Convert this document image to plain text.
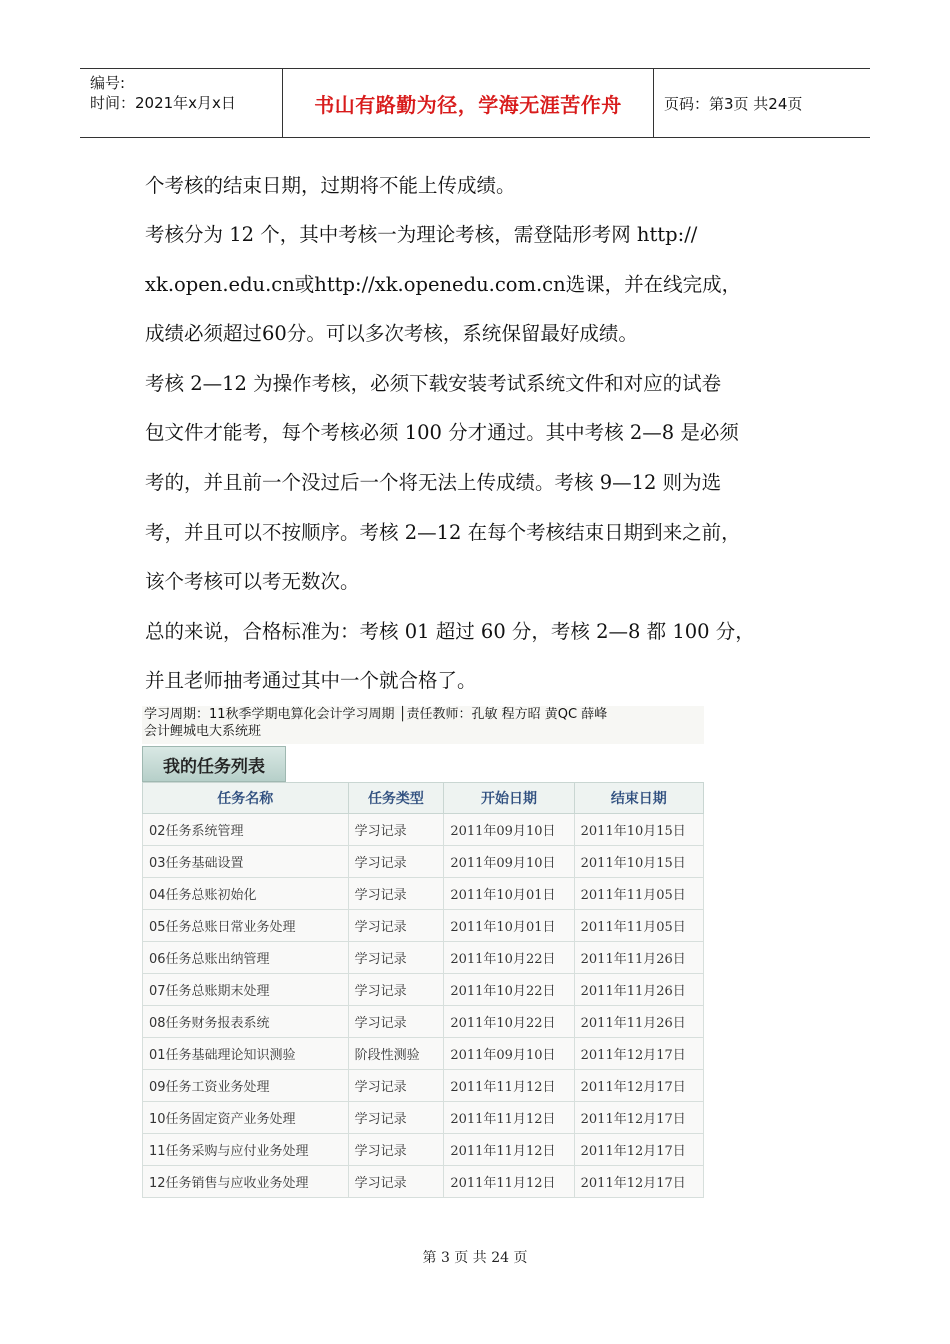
编号:
时间：2021年x月x日	书山有路勤为径，学海无涯苦作舟	页码：第3页 共24页
个考核的结束日期，过期将不能上传成绩。
考核分为 12 个，其中考核一为理论考核，需登陆形考网 http://
xk.open.edu.cn或http://xk.openedu.com.cn选课，并在线完成，
成绩必须超过60分。可以多次考核，系统保留最好成绩。
考核 2—12 为操作考核，必须下载安装考试系统文件和对应的试卷
包文件才能考，每个考核必须 100 分才通过。其中考核 2—8 是必须
考的，并且前一个没过后一个将无法上传成绩。考核 9—12 则为选
考，并且可以不按顺序。考核 2—12 在每个考核结束日期到来之前，
该个考核可以考无数次。
总的来说，合格标准为：考核 01 超过 60 分，考核 2—8 都 100 分，
并且老师抽考通过其中一个就合格了。
学习周期：11秋季学期电算化会计学习周期 │责任教师：孔敏 程方昭 黄QC 薛峰
会计鲤城电大系统班
我的任务列表
任务名称	任务类型	开始日期	结束日期
02任务系统管理	学习记录	2011年09月10日	2011年10月15日
03任务基础设置	学习记录	2011年09月10日	2011年10月15日
04任务总账初始化	学习记录	2011年10月01日	2011年11月05日
05任务总账日常业务处理	学习记录	2011年10月01日	2011年11月05日
06任务总账出纳管理	学习记录	2011年10月22日	2011年11月26日
07任务总账期末处理	学习记录	2011年10月22日	2011年11月26日
08任务财务报表系统	学习记录	2011年10月22日	2011年11月26日
01任务基础理论知识测验	阶段性测验	2011年09月10日	2011年12月17日
09任务工资业务处理	学习记录	2011年11月12日	2011年12月17日
10任务固定资产业务处理	学习记录	2011年11月12日	2011年12月17日
11任务采购与应付业务处理	学习记录	2011年11月12日	2011年12月17日
12任务销售与应收业务处理	学习记录	2011年11月12日	2011年12月17日
第 3 页 共 24 页
